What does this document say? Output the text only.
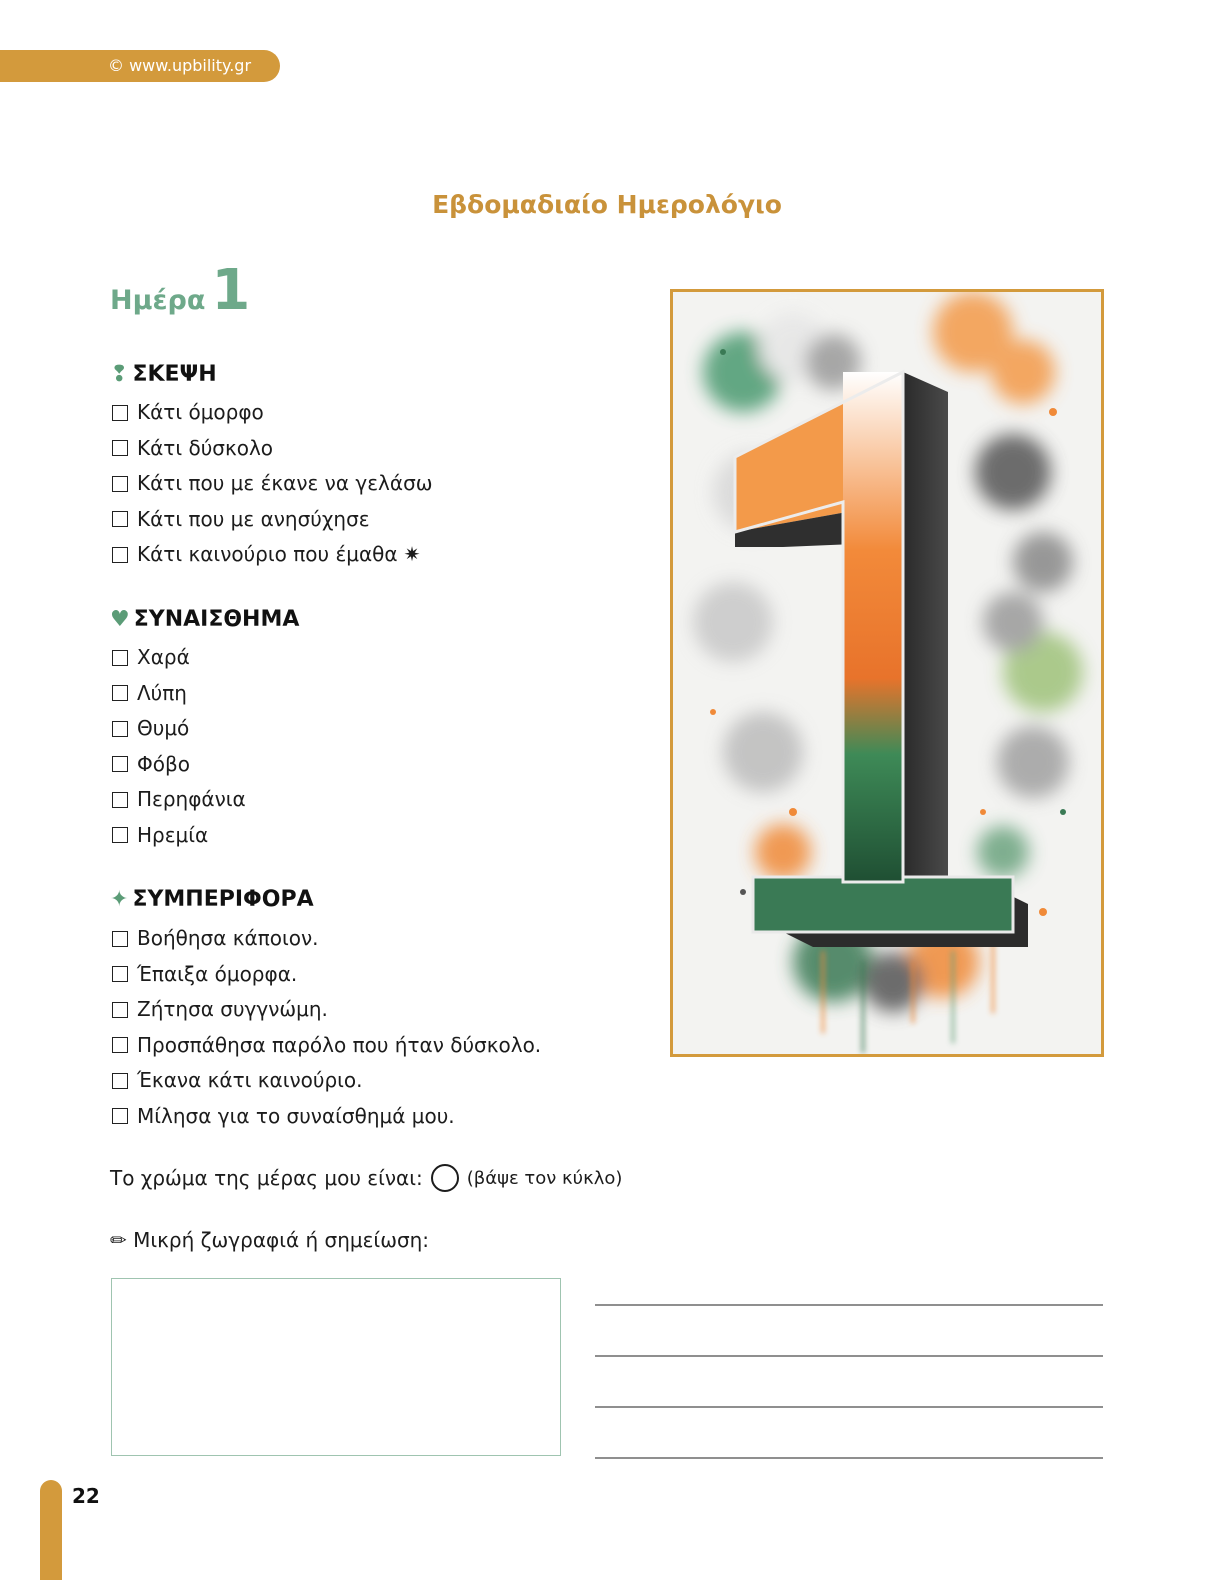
© www.upbility.gr
Εβδομαδιαίο Ημερολόγιο
Ημέρα 1
❢ ΣΚΕΨΗ
Κάτι όμορφο
Κάτι δύσκολο
Κάτι που με έκανε να γελάσω
Κάτι που με ανησύχησε
Κάτι καινούριο που έμαθα ✷
♥ ΣΥΝΑΙΣΘΗΜΑ
Χαρά
Λύπη
Θυμό
Φόβο
Περηφάνια
Ηρεμία
✦ ΣΥΜΠΕΡΙΦΟΡΑ
Βοήθησα κάποιον.
Έπαιξα όμορφα.
Ζήτησα συγγνώμη.
Προσπάθησα παρόλο που ήταν δύσκολο.
Έκανα κάτι καινούριο.
Μίλησα για το συναίσθημά μου.
Το χρώμα της μέρας μου είναι: (βάψε τον κύκλο)
✏ Μικρή ζωγραφιά ή σημείωση:
22
